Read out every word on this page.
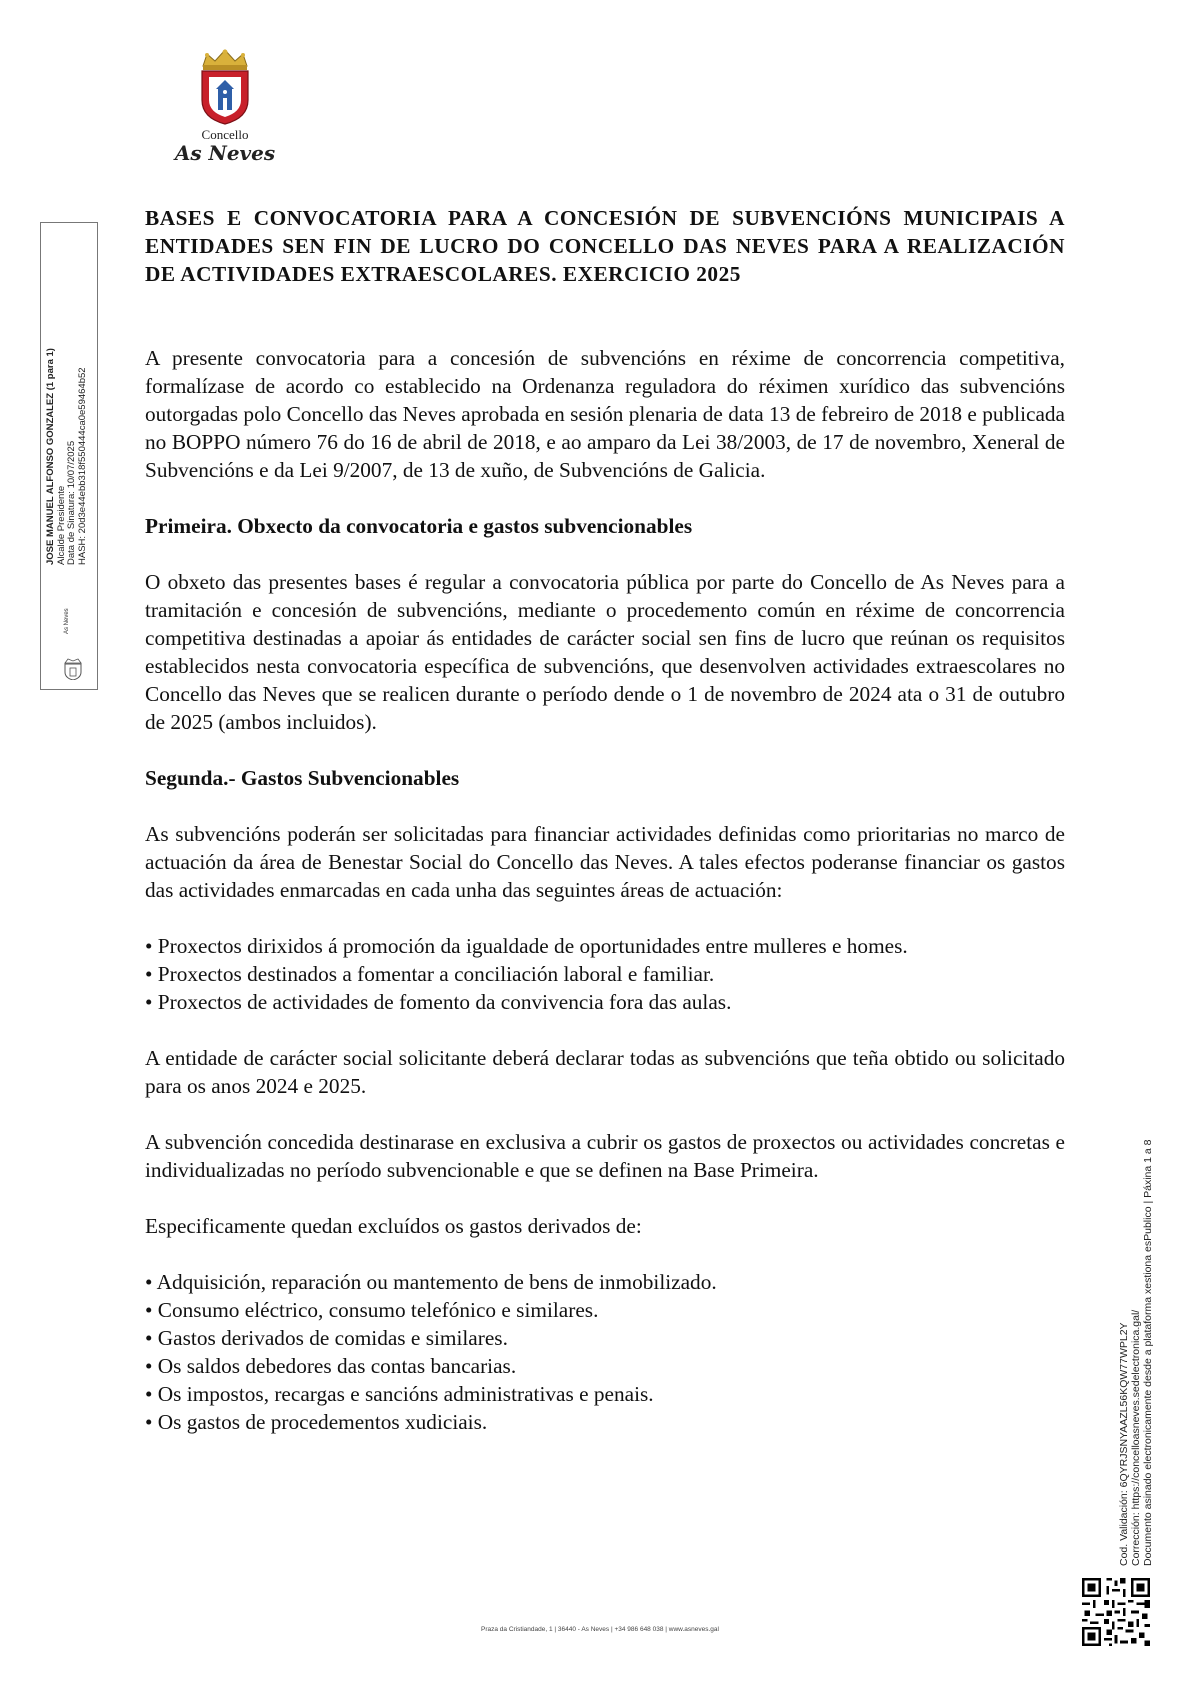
Concello
As Neves
JOSE MANUEL ALFONSO GONZALEZ (1 para 1) Alcalde Presidente Data de Sinatura: 10/07/2025 HASH: 20d3e44ebb318f550444ca0e59464b52
As Neves
Cod. Validación: 6QYRJSNYAAZL56KQW77WPL2Y Corrección: https://concelloasneves.sedelectronica.gal/ Documento asinado electronicamente desde a plataforma xestiona esPublico | Páxina 1 a 8
BASES E CONVOCATORIA PARA A CONCESIÓN DE SUBVENCIÓNS MUNICIPAIS A ENTIDADES SEN FIN DE LUCRO DO CONCELLO DAS NEVES PARA A REALIZACIÓN DE ACTIVIDADES EXTRAESCOLARES. EXERCICIO 2025

A presente convocatoria para a concesión de subvencións en réxime de concorrencia competitiva, formalízase de acordo co establecido na Ordenanza reguladora do réximen xurídico das subvencións outorgadas polo Concello das Neves aprobada en sesión plenaria de data 13 de febreiro de 2018 e publicada no BOPPO número 76 do 16 de abril de 2018, e ao amparo da Lei 38/2003, de 17 de novembro, Xeneral de Subvencións e da Lei 9/2007, de 13 de xuño, de Subvencións de Galicia.

Primeira. Obxecto da convocatoria e gastos subvencionables

O obxeto das presentes bases é regular a convocatoria pública por parte do Concello de As Neves para a tramitación e concesión de subvencións, mediante o procedemento común en réxime de concorrencia competitiva destinadas a apoiar ás entidades de carácter social sen fins de lucro que reúnan os requisitos establecidos nesta convocatoria específica de subvencións, que desenvolven actividades extraescolares no Concello das Neves que se realicen durante o período dende o 1 de novembro de 2024 ata o 31 de outubro de 2025 (ambos incluidos).

Segunda.- Gastos Subvencionables

As subvencións poderán ser solicitadas para financiar actividades definidas como prioritarias no marco de actuación da área de Benestar Social do Concello das Neves. A tales efectos poderanse financiar os gastos das actividades enmarcadas en cada unha das seguintes áreas de actuación:

• Proxectos dirixidos á promoción da igualdade de oportunidades entre mulleres e homes.

• Proxectos destinados a fomentar a conciliación laboral e familiar.

• Proxectos de actividades de fomento da convivencia fora das aulas.

A entidade de carácter social solicitante deberá declarar todas as subvencións que teña obtido ou solicitado para os anos 2024 e 2025.

A subvención concedida destinarase en exclusiva a cubrir os gastos de proxectos ou actividades concretas e individualizadas no período subvencionable e que se definen na Base Primeira.

Especificamente quedan excluídos os gastos derivados de:

• Adquisición, reparación ou mantemento de bens de inmobilizado.

• Consumo eléctrico, consumo telefónico e similares.

• Gastos derivados de comidas e similares.

• Os saldos debedores das contas bancarias.

• Os impostos, recargas e sancións administrativas e penais.

• Os gastos de procedementos xudiciais.

Praza da Cristiandade, 1 | 36440 - As Neves | +34 986 648 038 | www.asneves.gal
